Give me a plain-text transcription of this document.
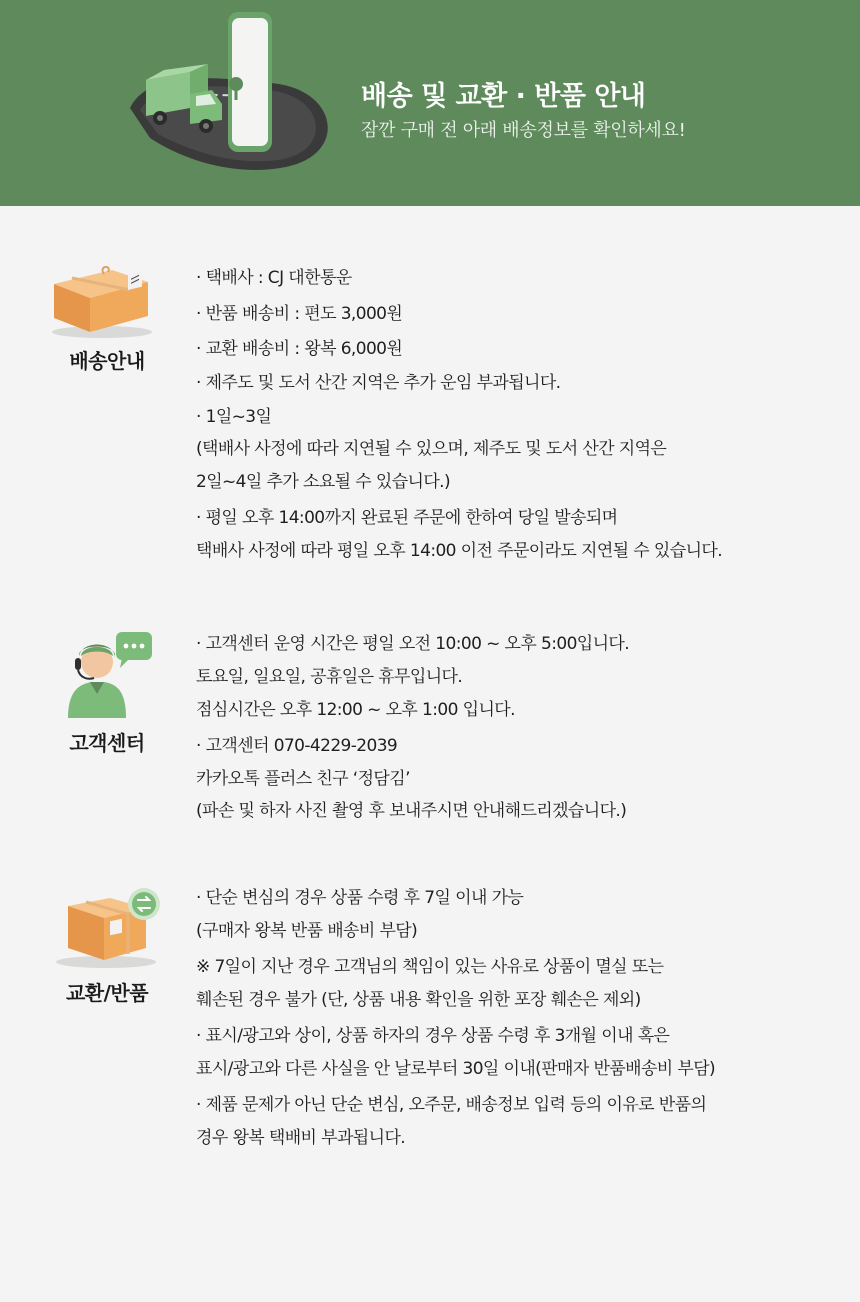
배송 및 교환 · 반품 안내

잠깐 구매 전 아래 배송정보를 확인하세요!

배송안내
· 택배사 : CJ 대한통운
· 반품 배송비 : 편도 3,000원
· 교환 배송비 : 왕복 6,000원
· 제주도 및 도서 산간 지역은 추가 운임 부과됩니다.
· 1일~3일
(택배사 사정에 따라 지연될 수 있으며, 제주도 및 도서 산간 지역은
2일~4일 추가 소요될 수 있습니다.)
· 평일 오후 14:00까지 완료된 주문에 한하여 당일 발송되며
택배사 사정에 따라 평일 오후 14:00 이전 주문이라도 지연될 수 있습니다.
고객센터
· 고객센터 운영 시간은 평일 오전 10:00 ~ 오후 5:00입니다.
토요일, 일요일, 공휴일은 휴무입니다.
점심시간은 오후 12:00 ~ 오후 1:00 입니다.
· 고객센터 070-4229-2039
카카오톡 플러스 친구 ‘정담김’
(파손 및 하자 사진 촬영 후 보내주시면 안내해드리겠습니다.)
교환/반품
· 단순 변심의 경우 상품 수령 후 7일 이내 가능
(구매자 왕복 반품 배송비 부담)
※ 7일이 지난 경우 고객님의 책임이 있는 사유로 상품이 멸실 또는
훼손된 경우 불가 (단, 상품 내용 확인을 위한 포장 훼손은 제외)
· 표시/광고와 상이, 상품 하자의 경우 상품 수령 후 3개월 이내 혹은
표시/광고와 다른 사실을 안 날로부터 30일 이내(판매자 반품배송비 부담)
· 제품 문제가 아닌 단순 변심, 오주문, 배송정보 입력 등의 이유로 반품의
경우 왕복 택배비 부과됩니다.
